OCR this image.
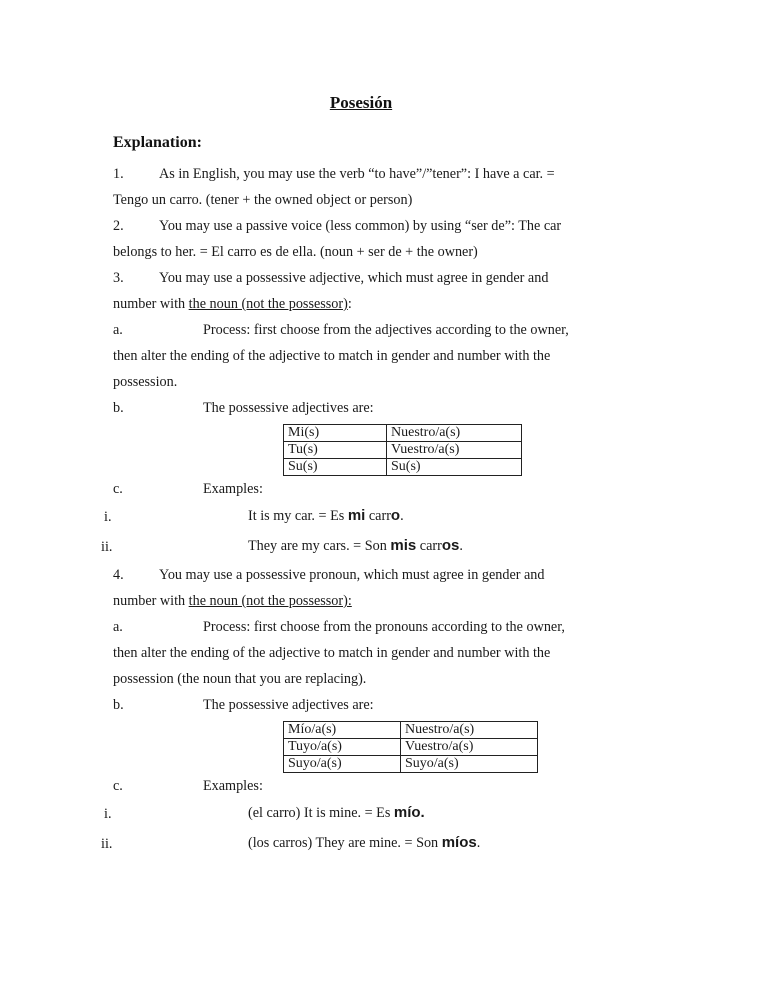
Posesión
Explanation:
1. As in English, you may use the verb “to have”/”tener”: I have a car. =
Tengo un carro. (tener + the owned object or person)
2. You may use a passive voice (less common) by using “ser de”: The car
belongs to her. = El carro es de ella. (noun + ser de + the owner)
3. You may use a possessive adjective, which must agree in gender and
number with the noun (not the possessor):
a.	Process: first choose from the adjectives according to the owner,
then alter the ending of the adjective to match in gender and number with the
possession.
b.	The possessive adjectives are:
Mi(s)	Nuestro/a(s)
Tu(s)	Vuestro/a(s)
Su(s)	Su(s)
c.	Examples:
i.	It is my car. = Es mi carro.
ii.	They are my cars. = Son mis carros.
4. You may use a possessive pronoun, which must agree in gender and
number with the noun (not the possessor):
a.	Process: first choose from the pronouns according to the owner,
then alter the ending of the adjective to match in gender and number with the
possession (the noun that you are replacing).
b.	The possessive adjectives are:
Mío/a(s)	Nuestro/a(s)
Tuyo/a(s)	Vuestro/a(s)
Suyo/a(s)	Suyo/a(s)
c.	Examples:
i.	(el carro) It is mine. = Es mío.
ii.	(los carros) They are mine. = Son míos.
